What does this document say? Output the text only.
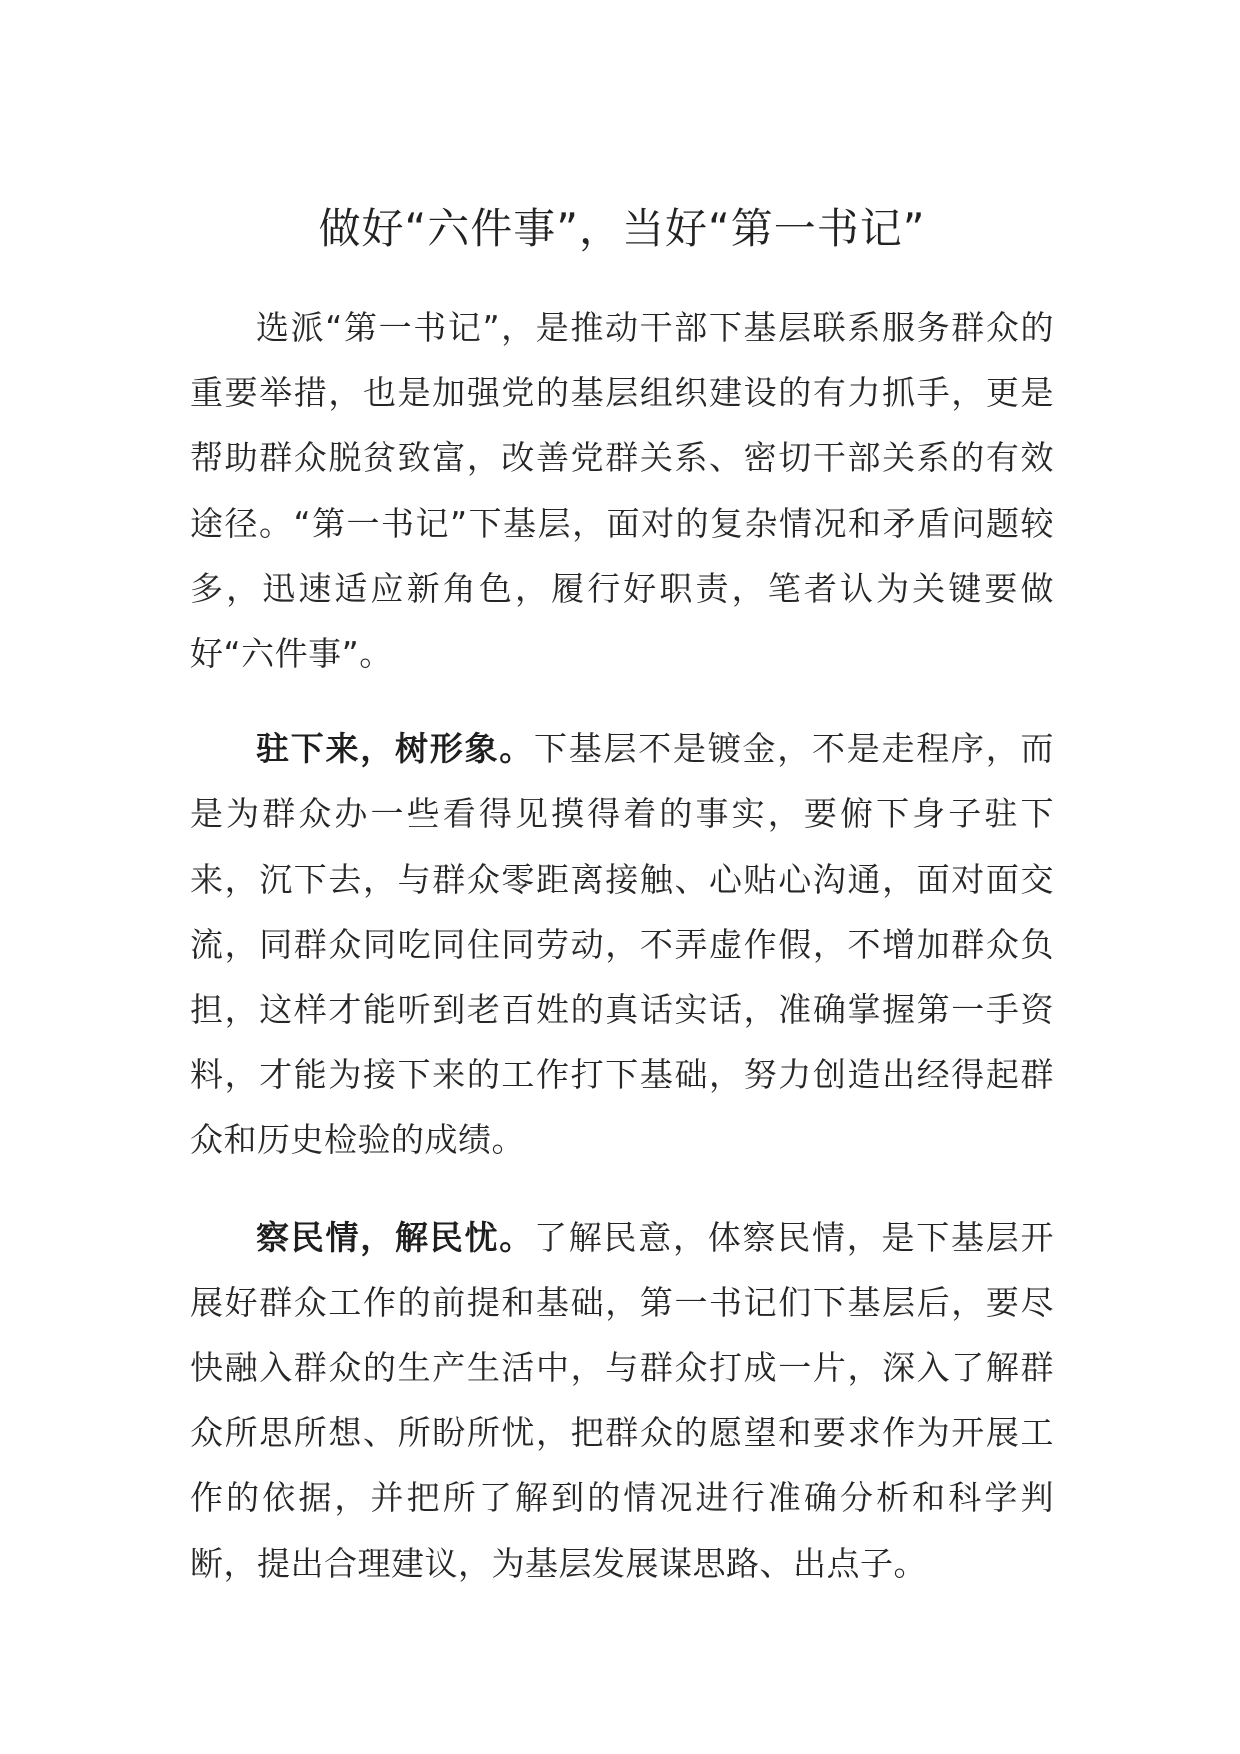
做好“六件事”，当好“第一书记”

选派“第一书记”，是推动干部下基层联系服务群众的重要举措，也是加强党的基层组织建设的有力抓手，更是帮助群众脱贫致富，改善党群关系、密切干部关系的有效途径。“第一书记”下基层，面对的复杂情况和矛盾问题较多，迅速适应新角色，履行好职责，笔者认为关键要做好“六件事”。

驻下来，树形象。下基层不是镀金，不是走程序，而是为群众办一些看得见摸得着的事实，要俯下身子驻下来，沉下去，与群众零距离接触、心贴心沟通，面对面交流，同群众同吃同住同劳动，不弄虚作假，不增加群众负担，这样才能听到老百姓的真话实话，准确掌握第一手资料，才能为接下来的工作打下基础，努力创造出经得起群众和历史检验的成绩。

察民情，解民忧。了解民意，体察民情，是下基层开展好群众工作的前提和基础，第一书记们下基层后，要尽快融入群众的生产生活中，与群众打成一片，深入了解群众所思所想、所盼所忧，把群众的愿望和要求作为开展工作的依据，并把所了解到的情况进行准确分析和科学判断，提出合理建议，为基层发展谋思路、出点子。
